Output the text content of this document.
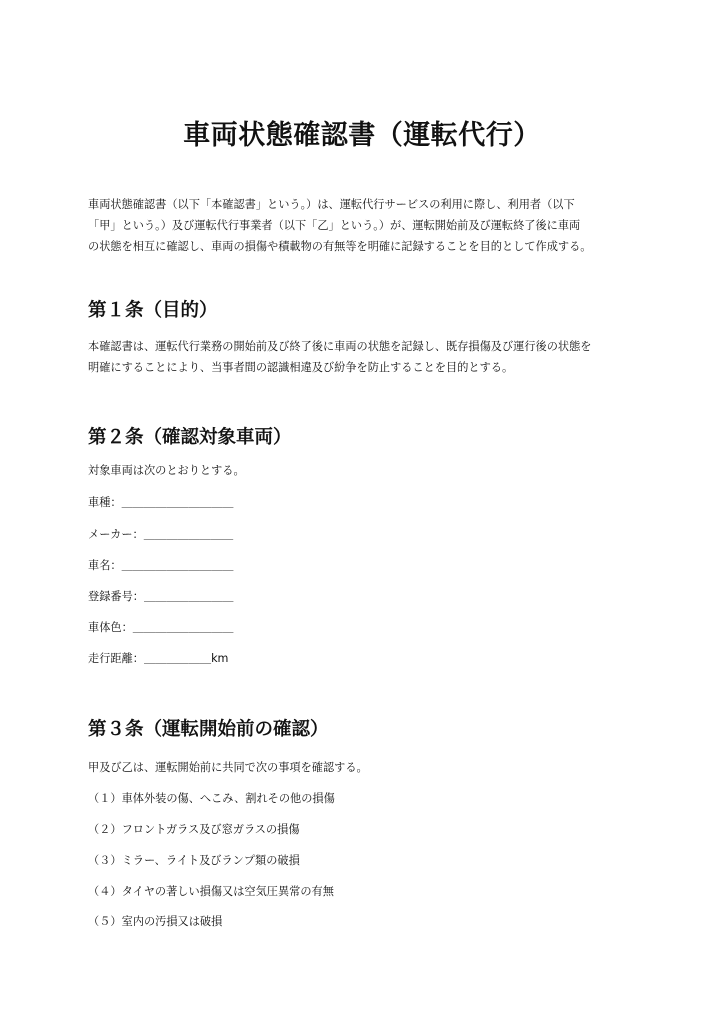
車両状態確認書（運転代行）
車両状態確認書（以下「本確認書」という。）は、運転代行サービスの利用に際し、利用者（以下
「甲」という。）及び運転代行事業者（以下「乙」という。）が、運転開始前及び運転終了後に車両
の状態を相互に確認し、車両の損傷や積載物の有無等を明確に記録することを目的として作成する。
第１条（目的）
本確認書は、運転代行業務の開始前及び終了後に車両の状態を記録し、既存損傷及び運行後の状態を
明確にすることにより、当事者間の認識相違及び紛争を防止することを目的とする。
第２条（確認対象車両）
対象車両は次のとおりとする。
車種：＿＿＿＿＿＿＿＿＿＿
メーカー：＿＿＿＿＿＿＿＿
車名：＿＿＿＿＿＿＿＿＿＿
登録番号：＿＿＿＿＿＿＿＿
車体色：＿＿＿＿＿＿＿＿＿
走行距離：＿＿＿＿＿＿km
第３条（運転開始前の確認）
甲及び乙は、運転開始前に共同で次の事項を確認する。
（１）車体外装の傷、へこみ、割れその他の損傷
（２）フロントガラス及び窓ガラスの損傷
（３）ミラー、ライト及びランプ類の破損
（４）タイヤの著しい損傷又は空気圧異常の有無
（５）室内の汚損又は破損
